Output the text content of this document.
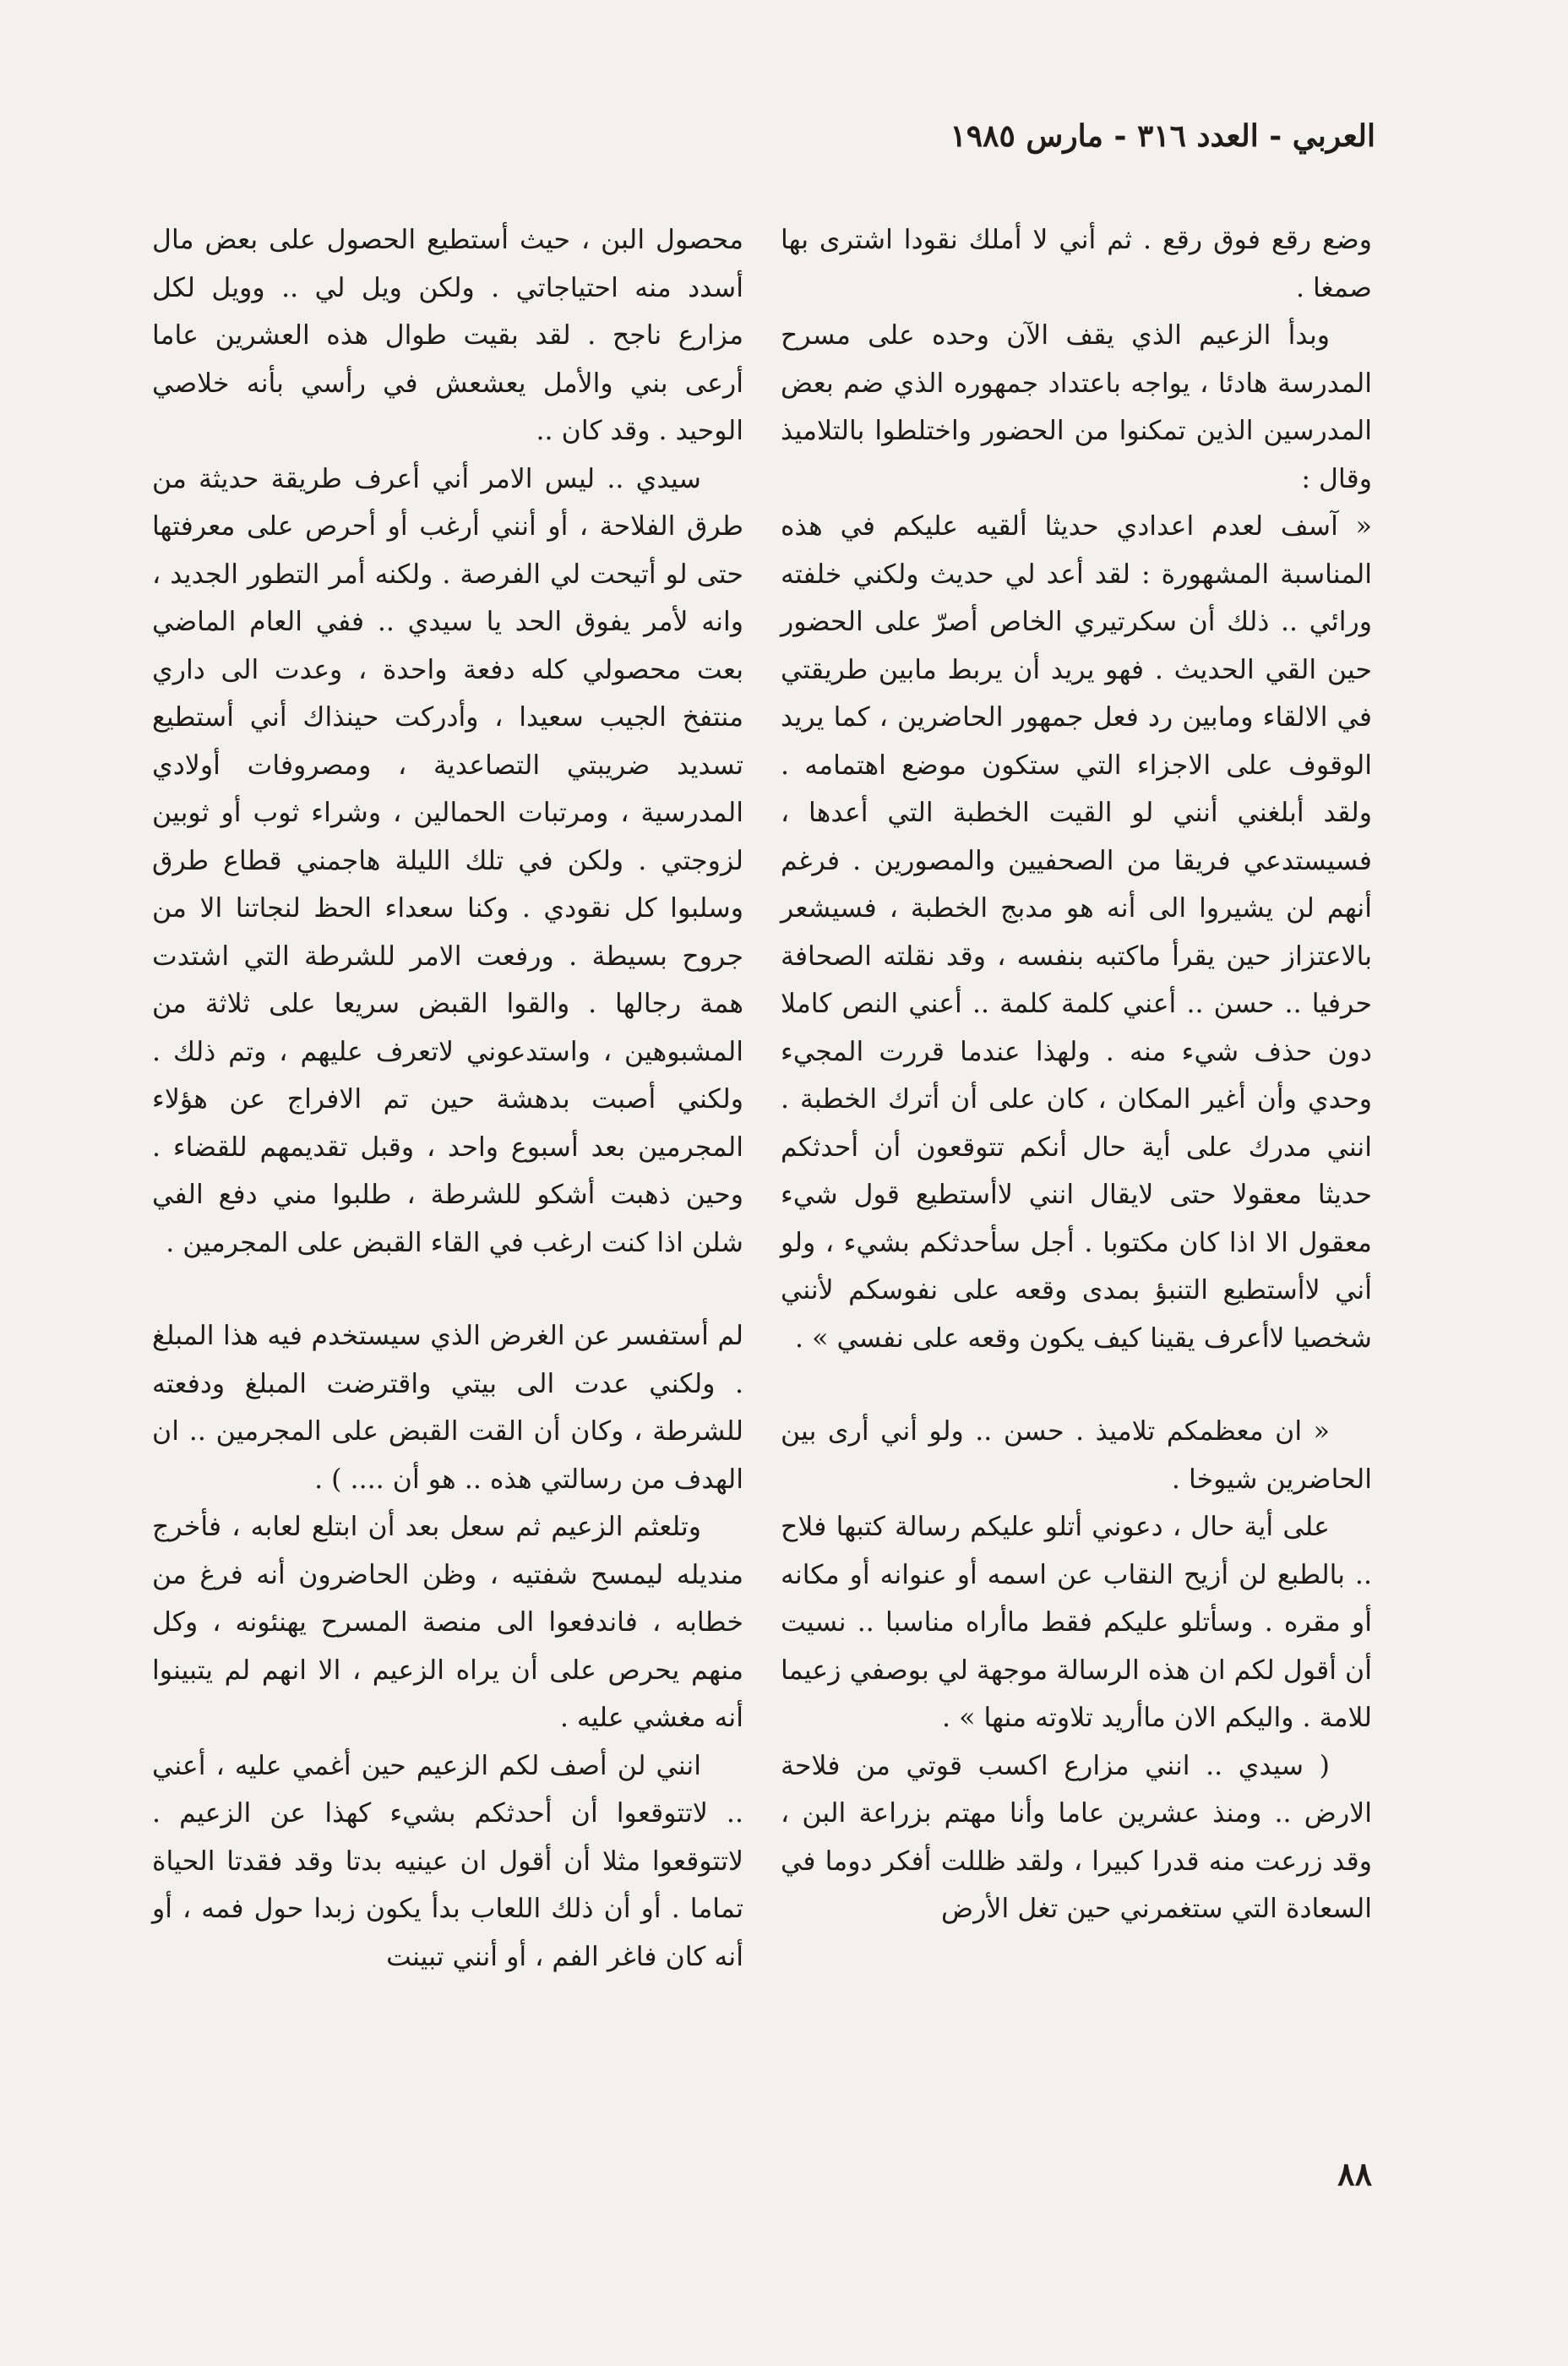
العربي - العدد ٣١٦ - مارس ١٩٨٥

وضع رقع فوق رقع . ثم أني لا أملك نقودا اشترى بها صمغا .

وبدأ الزعيم الذي يقف الآن وحده على مسرح المدرسة هادئا ، يواجه باعتداد جمهوره الذي ضم بعض المدرسين الذين تمكنوا من الحضور واختلطوا بالتلاميذ وقال :

« آسف لعدم اعدادي حديثا ألقيه عليكم في هذه المناسبة المشهورة : لقد أعد لي حديث ولكني خلفته ورائي .. ذلك أن سكرتيري الخاص أصرّ على الحضور حين القي الحديث . فهو يريد أن يربط مابين طريقتي في الالقاء ومابين رد فعل جمهور الحاضرين ، كما يريد الوقوف على الاجزاء التي ستكون موضع اهتمامه . ولقد أبلغني أنني لو القيت الخطبة التي أعدها ، فسيستدعي فريقا من الصحفيين والمصورين . فرغم أنهم لن يشيروا الى أنه هو مدبج الخطبة ، فسيشعر بالاعتزاز حين يقرأ ماكتبه بنفسه ، وقد نقلته الصحافة حرفيا .. حسن .. أعني كلمة كلمة .. أعني النص كاملا دون حذف شيء منه . ولهذا عندما قررت المجيء وحدي وأن أغير المكان ، كان على أن أترك الخطبة . انني مدرك على أية حال أنكم تتوقعون أن أحدثكم حديثا معقولا حتى لايقال انني لاأستطيع قول شيء معقول الا اذا كان مكتوبا . أجل سأحدثكم بشيء ، ولو أني لاأستطيع التنبؤ بمدى وقعه على نفوسكم لأنني شخصيا لاأعرف يقينا كيف يكون وقعه على نفسي » .

« ان معظمكم تلاميذ . حسن .. ولو أني أرى بين الحاضرين شيوخا .

على أية حال ، دعوني أتلو عليكم رسالة كتبها فلاح .. بالطبع لن أزيح النقاب عن اسمه أو عنوانه أو مكانه أو مقره . وسأتلو عليكم فقط ماأراه مناسبا .. نسيت أن أقول لكم ان هذه الرسالة موجهة لي بوصفي زعيما للامة . واليكم الان ماأريد تلاوته منها » .

( سيدي .. انني مزارع اكسب قوتي من فلاحة الارض .. ومنذ عشرين عاما وأنا مهتم بزراعة البن ، وقد زرعت منه قدرا كبيرا ، ولقد ظللت أفكر دوما في السعادة التي ستغمرني حين تغل الأرض

محصول البن ، حيث أستطيع الحصول على بعض مال أسدد منه احتياجاتي . ولكن ويل لي .. وويل لكل مزارع ناجح . لقد بقيت طوال هذه العشرين عاما أرعى بني والأمل يعشعش في رأسي بأنه خلاصي الوحيد . وقد كان ..

سيدي .. ليس الامر أني أعرف طريقة حديثة من طرق الفلاحة ، أو أنني أرغب أو أحرص على معرفتها حتى لو أتيحت لي الفرصة . ولكنه أمر التطور الجديد ، وانه لأمر يفوق الحد يا سيدي .. ففي العام الماضي بعت محصولي كله دفعة واحدة ، وعدت الى داري منتفخ الجيب سعيدا ، وأدركت حينذاك أني أستطيع تسديد ضريبتي التصاعدية ، ومصروفات أولادي المدرسية ، ومرتبات الحمالين ، وشراء ثوب أو ثوبين لزوجتي . ولكن في تلك الليلة هاجمني قطاع طرق وسلبوا كل نقودي . وكنا سعداء الحظ لنجاتنا الا من جروح بسيطة . ورفعت الامر للشرطة التي اشتدت همة رجالها . والقوا القبض سريعا على ثلاثة من المشبوهين ، واستدعوني لاتعرف عليهم ، وتم ذلك . ولكني أصبت بدهشة حين تم الافراج عن هؤلاء المجرمين بعد أسبوع واحد ، وقبل تقديمهم للقضاء . وحين ذهبت أشكو للشرطة ، طلبوا مني دفع الفي شلن اذا كنت ارغب في القاء القبض على المجرمين .

لم أستفسر عن الغرض الذي سيستخدم فيه هذا المبلغ . ولكني عدت الى بيتي واقترضت المبلغ ودفعته للشرطة ، وكان أن القت القبض على المجرمين .. ان الهدف من رسالتي هذه .. هو أن .... ) .

وتلعثم الزعيم ثم سعل بعد أن ابتلع لعابه ، فأخرج منديله ليمسح شفتيه ، وظن الحاضرون أنه فرغ من خطابه ، فاندفعوا الى منصة المسرح يهنئونه ، وكل منهم يحرص على أن يراه الزعيم ، الا انهم لم يتبينوا أنه مغشي عليه .

انني لن أصف لكم الزعيم حين أغمي عليه ، أعني .. لاتتوقعوا أن أحدثكم بشيء كهذا عن الزعيم . لاتتوقعوا مثلا أن أقول ان عينيه بدتا وقد فقدتا الحياة تماما . أو أن ذلك اللعاب بدأ يكون زبدا حول فمه ، أو أنه كان فاغر الفم ، أو أنني تبينت

٨٨
